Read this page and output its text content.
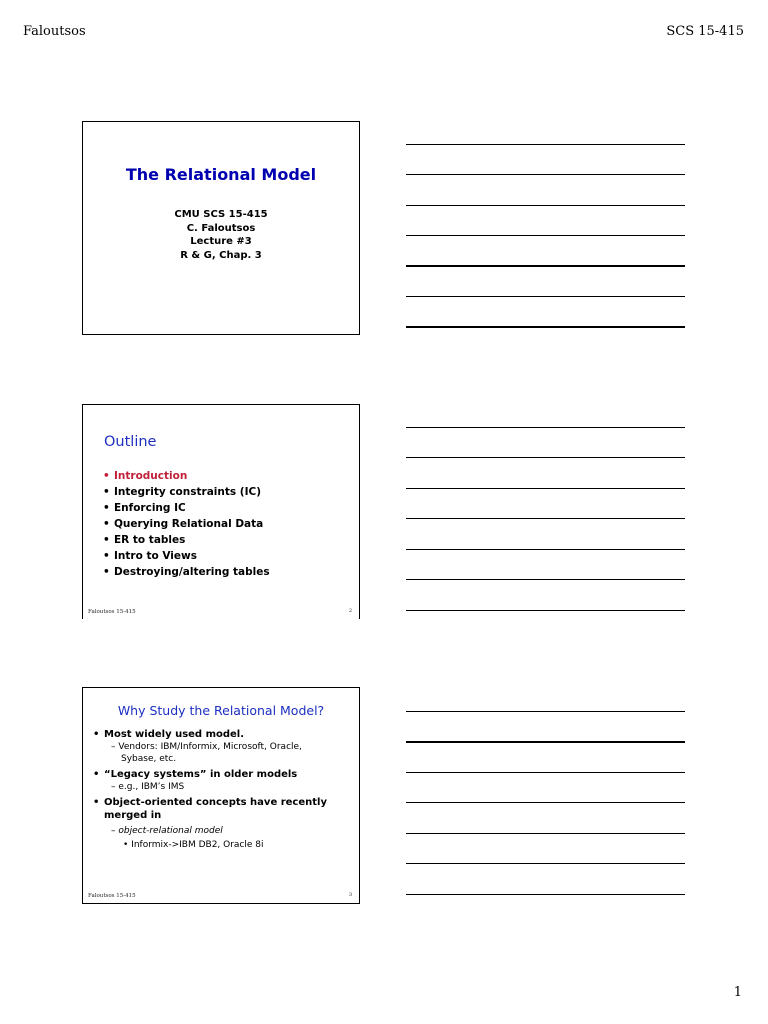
Faloutsos	SCS 15-415
The Relational Model
CMU SCS 15-415
C. Faloutsos
Lecture #3
R & G, Chap. 3
Outline
• Introduction
• Integrity constraints (IC)
• Enforcing IC
• Querying Relational Data
• ER to tables
• Intro to Views
• Destroying/altering tables
Faloutsos 15-415	2
Why Study the Relational Model?
• Most widely used model.
– Vendors: IBM/Informix, Microsoft, Oracle,
Sybase, etc.
• “Legacy systems” in older models
– e.g., IBM’s IMS
• Object-oriented concepts have recently
merged in
– object-relational model
• Informix->IBM DB2, Oracle 8i
Faloutsos 15-415	3
1
